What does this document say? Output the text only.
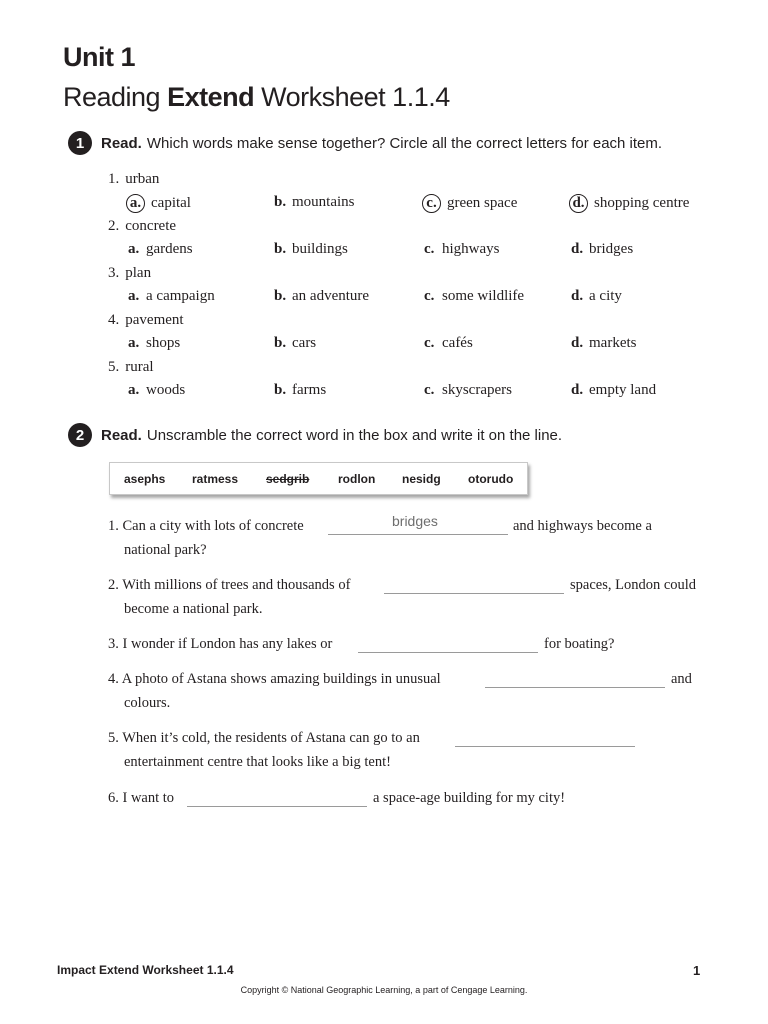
Unit 1
Reading Extend Worksheet 1.1.4
1	Read. Which words make sense together? Circle all the correct letters for each item.
1. urban
a. capital	b. mountains	c. green space	d. shopping centre
2. concrete
a. gardens	b. buildings	c. highways	d. bridges
3. plan
a. a campaign	b. an adventure	c. some wildlife	d. a city
4. pavement
a. shops	b. cars	c. cafés	d. markets
5. rural
a. woods	b. farms	c. skyscrapers	d. empty land
2	Read. Unscramble the correct word in the box and write it on the line.
asephs ratmess sedgrib rodlon nesidg otorudo
1. Can a city with lots of concrete	bridges	and highways become a
national park?
2. With millions of trees and thousands of	spaces, London could
become a national park.
3. I wonder if London has any lakes or	for boating?
4. A photo of Astana shows amazing buildings in unusual	and
colours.
5. When it’s cold, the residents of Astana can go to an
entertainment centre that looks like a big tent!
6. I want to	a space-age building for my city!
Impact Extend Worksheet 1.1.4	1
Copyright © National Geographic Learning, a part of Cengage Learning.
